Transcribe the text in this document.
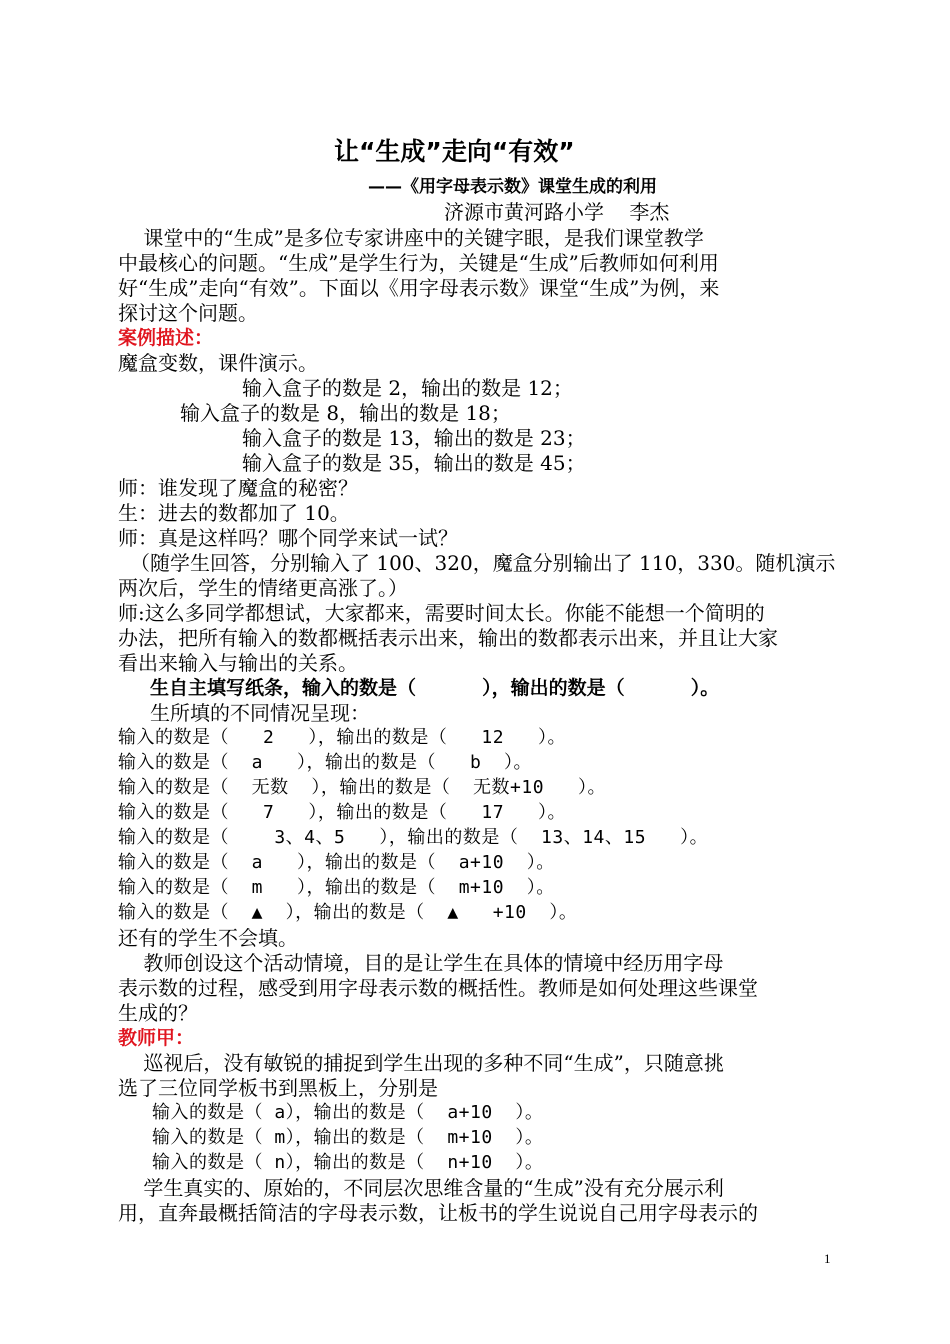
让“生成”走向“有效”
——《用字母表示数》课堂生成的利用
济源市黄河路小学    李杰
课堂中的“生成”是多位专家讲座中的关键字眼，是我们课堂教学
中最核心的问题。“生成”是学生行为，关键是“生成”后教师如何利用
好“生成”走向“有效”。下面以《用字母表示数》课堂“生成”为例，来
探讨这个问题。
案例描述：
魔盒变数，课件演示。
输入盒子的数是 2，输出的数是 12；
输入盒子的数是 8，输出的数是 18；
输入盒子的数是 13，输出的数是 23；
输入盒子的数是 35，输出的数是 45；
师：谁发现了魔盒的秘密？
生：进去的数都加了 10。
师：真是这样吗？哪个同学来试一试？
（随学生回答，分别输入了 100、320，魔盒分别输出了 110，330。随机演示
两次后，学生的情绪更高涨了。）
师:这么多同学都想试，大家都来，需要时间太长。你能不能想一个简明的
办法，把所有输入的数都概括表示出来，输出的数都表示出来，并且让大家
看出来输入与输出的关系。
生自主填写纸条，输入的数是（          ），输出的数是（          ）。
生所填的不同情况呈现：
输入的数是（   2   ），输出的数是（   12   ）。
输入的数是（  a   ），输出的数是（   b  ）。
输入的数是（  无数  ），输出的数是（  无数+10   ）。
输入的数是（   7   ），输出的数是（   17   ）。
输入的数是（    3、4、5   ），输出的数是（  13、14、15   ）。
输入的数是（  a   ），输出的数是（  a+10  ）。
输入的数是（  m   ），输出的数是（  m+10  ）。
输入的数是（  ▲  ），输出的数是（  ▲   +10  ）。
还有的学生不会填。
教师创设这个活动情境，目的是让学生在具体的情境中经历用字母
表示数的过程，感受到用字母表示数的概括性。教师是如何处理这些课堂
生成的？
教师甲：
巡视后，没有敏锐的捕捉到学生出现的多种不同“生成”，只随意挑
选了三位同学板书到黑板上，分别是
输入的数是（ a），输出的数是（  a+10  ）。
输入的数是（ m），输出的数是（  m+10  ）。
输入的数是（ n），输出的数是（  n+10  ）。
学生真实的、原始的，不同层次思维含量的“生成”没有充分展示利
用，直奔最概括简洁的字母表示数，让板书的学生说说自己用字母表示的
1
